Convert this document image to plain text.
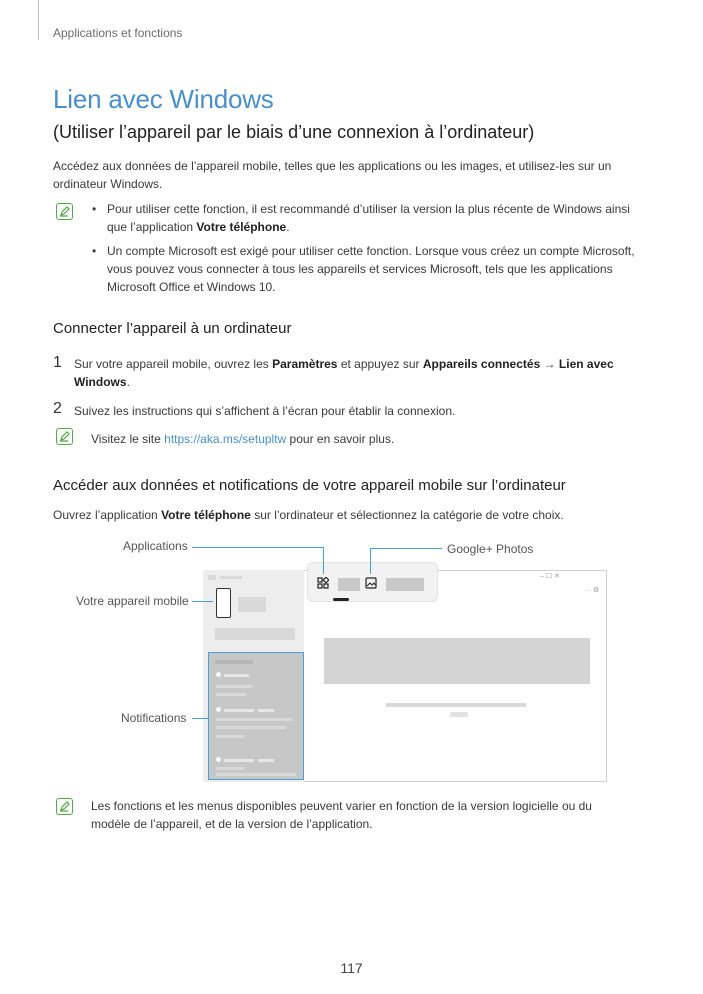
Applications et fonctions
Lien avec Windows
(Utiliser l’appareil par le biais d’une connexion à l’ordinateur)

Accédez aux données de l’appareil mobile, telles que les applications ou les images, et utilisez-les sur un ordinateur Windows.

• Pour utiliser cette fonction, il est recommandé d’utiliser la version la plus récente de Windows ainsi que l’application Votre téléphone.
• Un compte Microsoft est exigé pour utiliser cette fonction. Lorsque vous créez un compte Microsoft, vous pouvez vous connecter à tous les appareils et services Microsoft, tels que les applications Microsoft Office et Windows 10.
Connecter l’appareil à un ordinateur
1 Sur votre appareil mobile, ouvrez les Paramètres et appuyez sur Appareils connectés → Lien avec Windows.

2 Suivez les instructions qui s’affichent à l’écran pour établir la connexion.

Visitez le site https://aka.ms/setupltw pour en savoir plus.

Accéder aux données et notifications de votre appareil mobile sur l’ordinateur

Ouvrez l’application Votre téléphone sur l’ordinateur et sélectionnez la catégorie de votre choix.

– ☐ ✕
··· ⚙
Applications	Google+ Photos
Votre appareil mobile
Notifications

Les fonctions et les menus disponibles peuvent varier en fonction de la version logicielle ou du modèle de l’appareil, et de la version de l’application.

117
